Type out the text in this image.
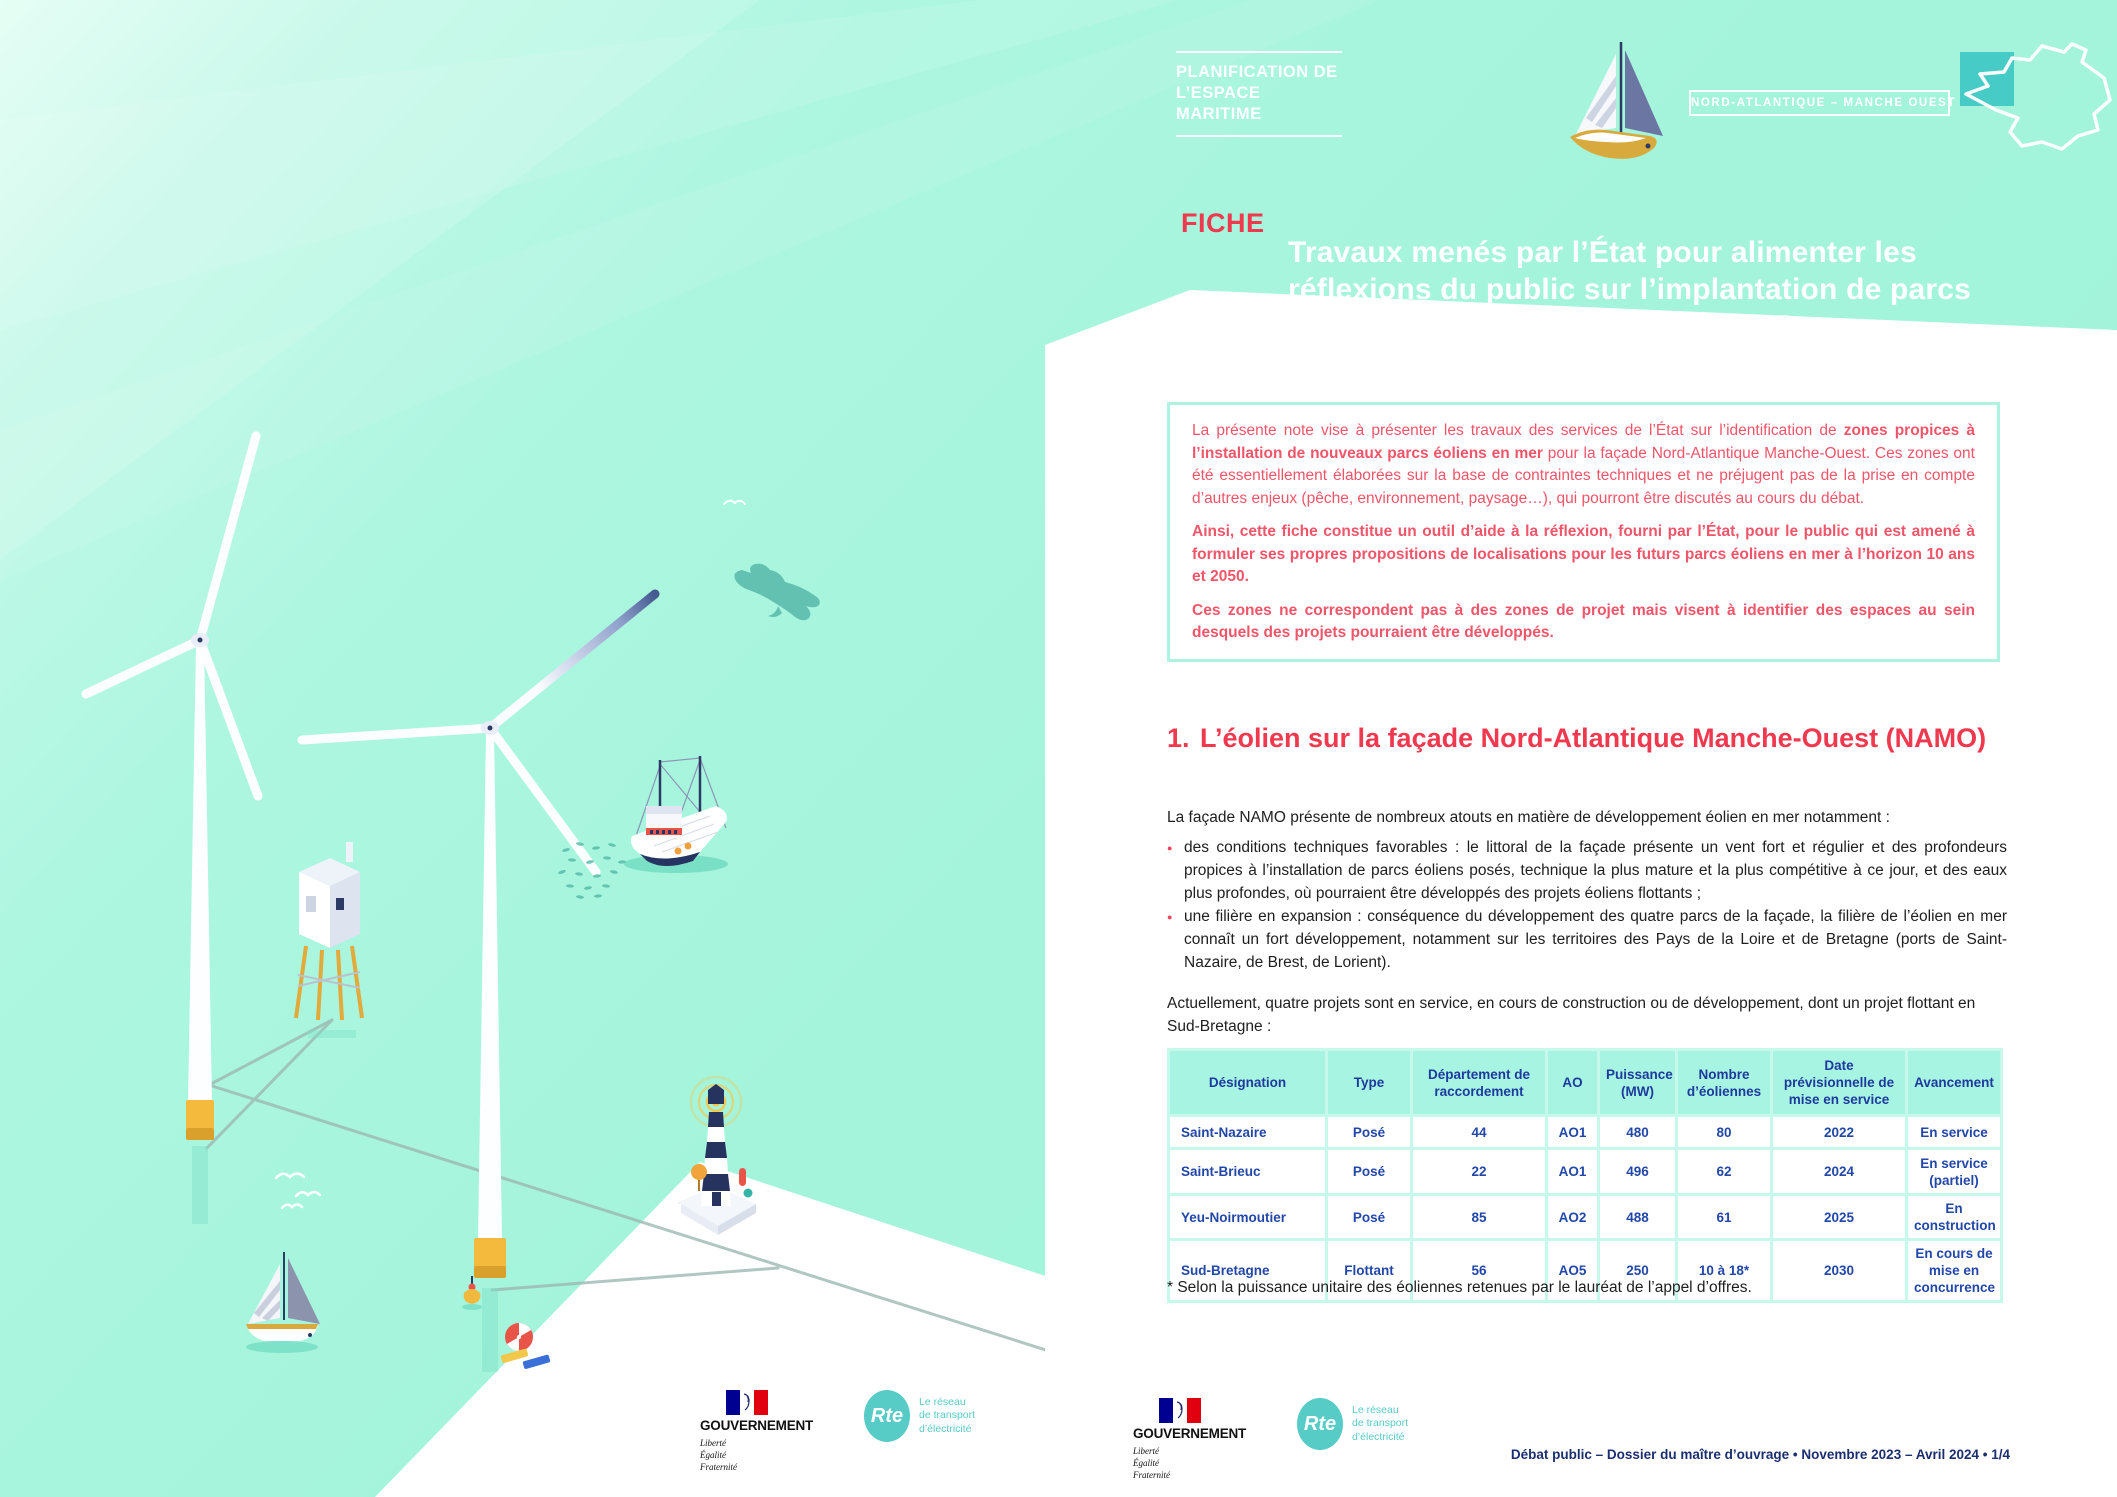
PLANIFICATION DE
L’ESPACE MARITIME
NORD-ATLANTIQUE – MANCHE OUEST
FICHE
Travaux menés par l’État pour alimenter les
réflexions du public sur l’implantation de parcs
éoliens en mer sur la façade NAMO

La présente note vise à présenter les travaux des services de l’État sur l’identification de zones propices à l’installation de nouveaux parcs éoliens en mer pour la façade Nord-Atlantique Manche-Ouest. Ces zones ont été essentiellement élaborées sur la base de contraintes techniques et ne préjugent pas de la prise en compte d’autres enjeux (pêche, environnement, paysage…), qui pourront être discutés au cours du débat.

Ainsi, cette fiche constitue un outil d’aide à la réflexion, fourni par l’État, pour le public qui est amené à formuler ses propres propositions de localisations pour les futurs parcs éoliens en mer à l’horizon 10 ans et 2050.

Ces zones ne correspondent pas à des zones de projet mais visent à identifier des espaces au sein desquels des projets pourraient être développés.

1. L’éolien sur la façade Nord-Atlantique Manche-Ouest (NAMO)
La façade NAMO présente de nombreux atouts en matière de développement éolien en mer notamment :
● des conditions techniques favorables : le littoral de la façade présente un vent fort et régulier et des profondeurs propices à l’installation de parcs éoliens posés, technique la plus mature et la plus compétitive à ce jour, et des eaux plus profondes, où pourraient être développés des projets éoliens flottants ;
● une filière en expansion : conséquence du développement des quatre parcs de la façade, la filière de l’éolien en mer connaît un fort développement, notamment sur les territoires des Pays de la Loire et de Bretagne (ports de Saint-Nazaire, de Brest, de Lorient).
Actuellement, quatre projets sont en service, en cours de construction ou de développement, dont un projet flottant en Sud-Bretagne :
Désignation	Type	Département de raccordement	AO	Puissance (MW)	Nombre d’éoliennes	Date prévisionnelle de mise en service	Avancement
Saint-Nazaire	Posé	44	AO1	480	80	2022	En service
Saint-Brieuc	Posé	22	AO1	496	62	2024	En service (partiel)
Yeu-Noirmoutier	Posé	85	AO2	488	61	2025	En construction
Sud-Bretagne	Flottant	56	AO5	250	10 à 18*	2030	En cours de mise en concurrence
* Selon la puissance unitaire des éoliennes retenues par le lauréat de l’appel d’offres.
GOUVERNEMENT
Liberté
Égalité
Fraternité
Rte
Le réseau
de transport
d’électricité	GOUVERNEMENT
Liberté
Égalité
Fraternité
Rte
Le réseau
de transport
d’électricité
Débat public – Dossier du maître d’ouvrage • Novembre 2023 – Avril 2024 • 1/4
